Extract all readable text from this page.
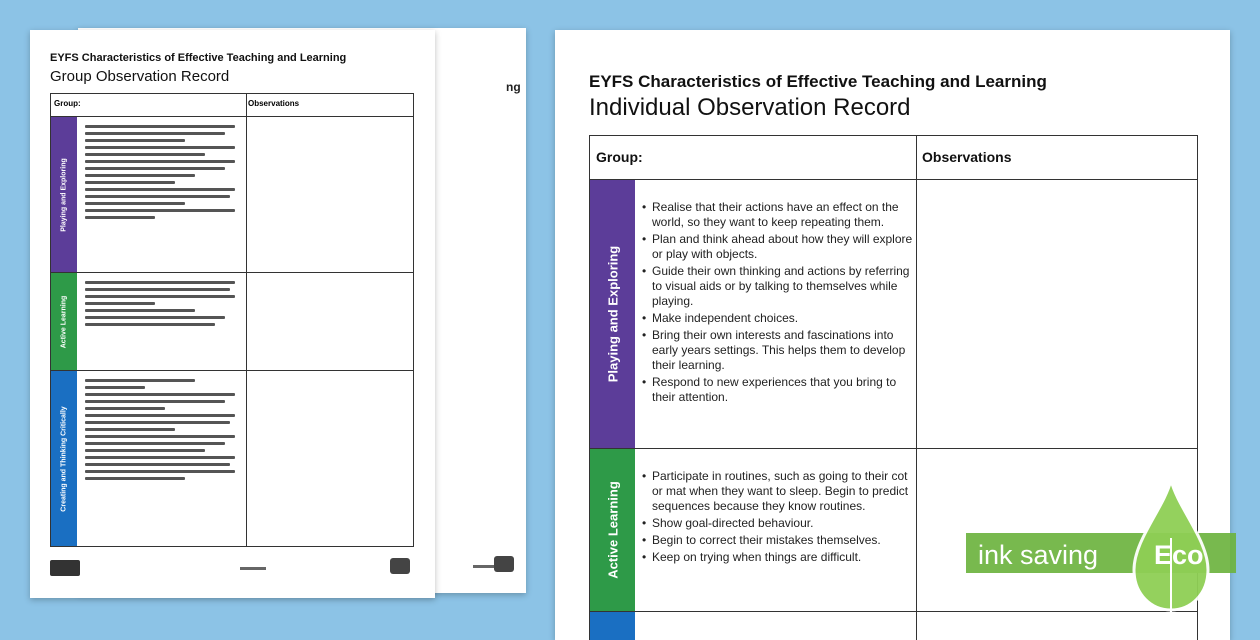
ng
EYFS Characteristics of Effective Teaching and Learning
Group Observation Record
Group:	Observations
Playing and Exploring
Active Learning
Creating and Thinking Critically
EYFS Characteristics of Effective Teaching and Learning
Individual Observation Record
Group:	Observations
Playing and Exploring
• Realise that their actions have an effect on the world, so they want to keep repeating them.
• Plan and think ahead about how they will explore or play with objects.
• Guide their own thinking and actions by referring to visual aids or by talking to themselves while playing.
• Make independent choices.
• Bring their own interests and fascinations into early years settings. This helps them to develop their learning.
• Respond to new experiences that you bring to their attention.
Active Learning
• Participate in routines, such as going to their cot or mat when they want to sleep. Begin to predict sequences because they know routines.
• Show goal-directed behaviour.
• Begin to correct their mistakes themselves.
• Keep on trying when things are difficult.	ink saving Eco
